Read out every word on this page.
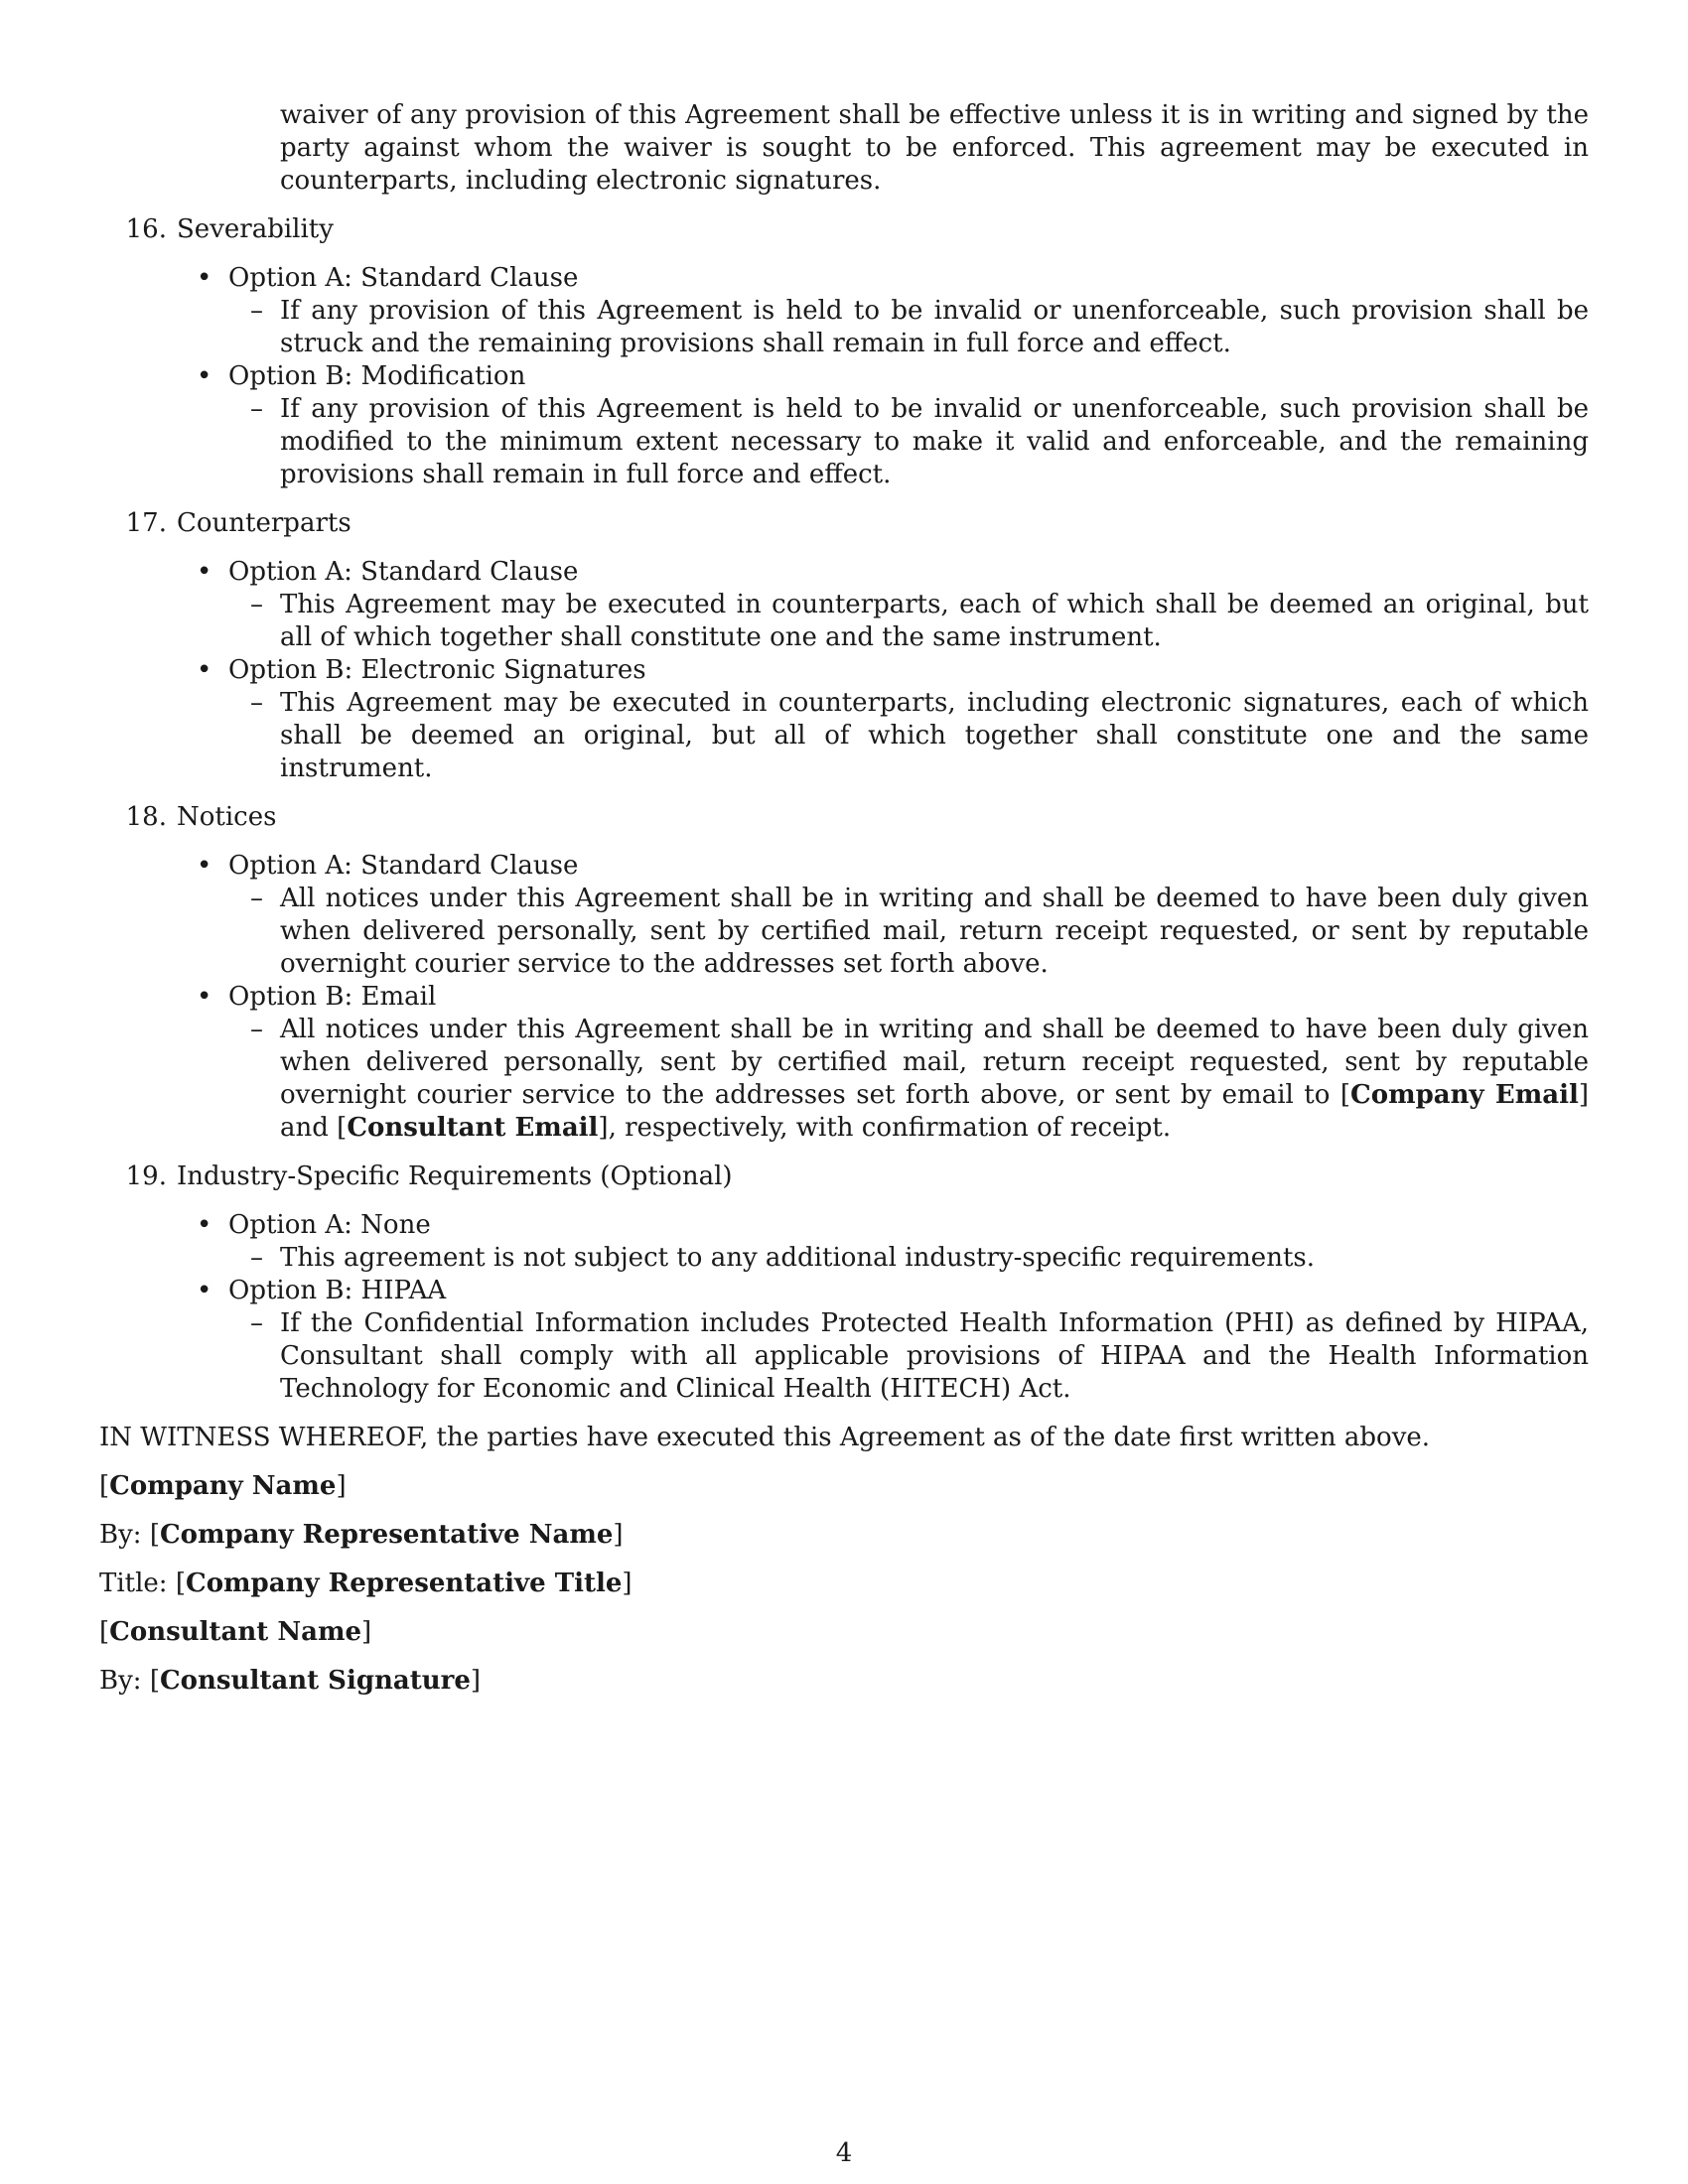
waiver of any provision of this Agreement shall be effective unless it is in writing and signed by the party against whom the waiver is sought to be enforced. This agreement may be executed in counterparts, including electronic signatures.
16. Severability
• Option A: Standard Clause
– If any provision of this Agreement is held to be invalid or unenforceable, such provision shall be struck and the remaining provisions shall remain in full force and effect.
• Option B: Modification
– If any provision of this Agreement is held to be invalid or unenforceable, such provision shall be modified to the minimum extent necessary to make it valid and enforceable, and the remaining provisions shall remain in full force and effect.
17. Counterparts
• Option A: Standard Clause
– This Agreement may be executed in counterparts, each of which shall be deemed an original, but all of which together shall constitute one and the same instrument.
• Option B: Electronic Signatures
– This Agreement may be executed in counterparts, including electronic signatures, each of which shall be deemed an original, but all of which together shall constitute one and the same instrument.
18. Notices
• Option A: Standard Clause
– All notices under this Agreement shall be in writing and shall be deemed to have been duly given when delivered personally, sent by certified mail, return receipt requested, or sent by reputable overnight courier service to the addresses set forth above.
• Option B: Email
– All notices under this Agreement shall be in writing and shall be deemed to have been duly given when delivered personally, sent by certified mail, return receipt requested, sent by reputable overnight courier service to the addresses set forth above, or sent by email to [Company Email] and [Consultant Email], respectively, with confirmation of receipt.
19. Industry-Specific Requirements (Optional)
• Option A: None
– This agreement is not subject to any additional industry-specific requirements.
• Option B: HIPAA
– If the Confidential Information includes Protected Health Information (PHI) as defined by HIPAA, Consultant shall comply with all applicable provisions of HIPAA and the Health Information Technology for Economic and Clinical Health (HITECH) Act.
IN WITNESS WHEREOF, the parties have executed this Agreement as of the date first written above.
[Company Name]
By: [Company Representative Name]
Title: [Company Representative Title]
[Consultant Name]
By: [Consultant Signature]
4
